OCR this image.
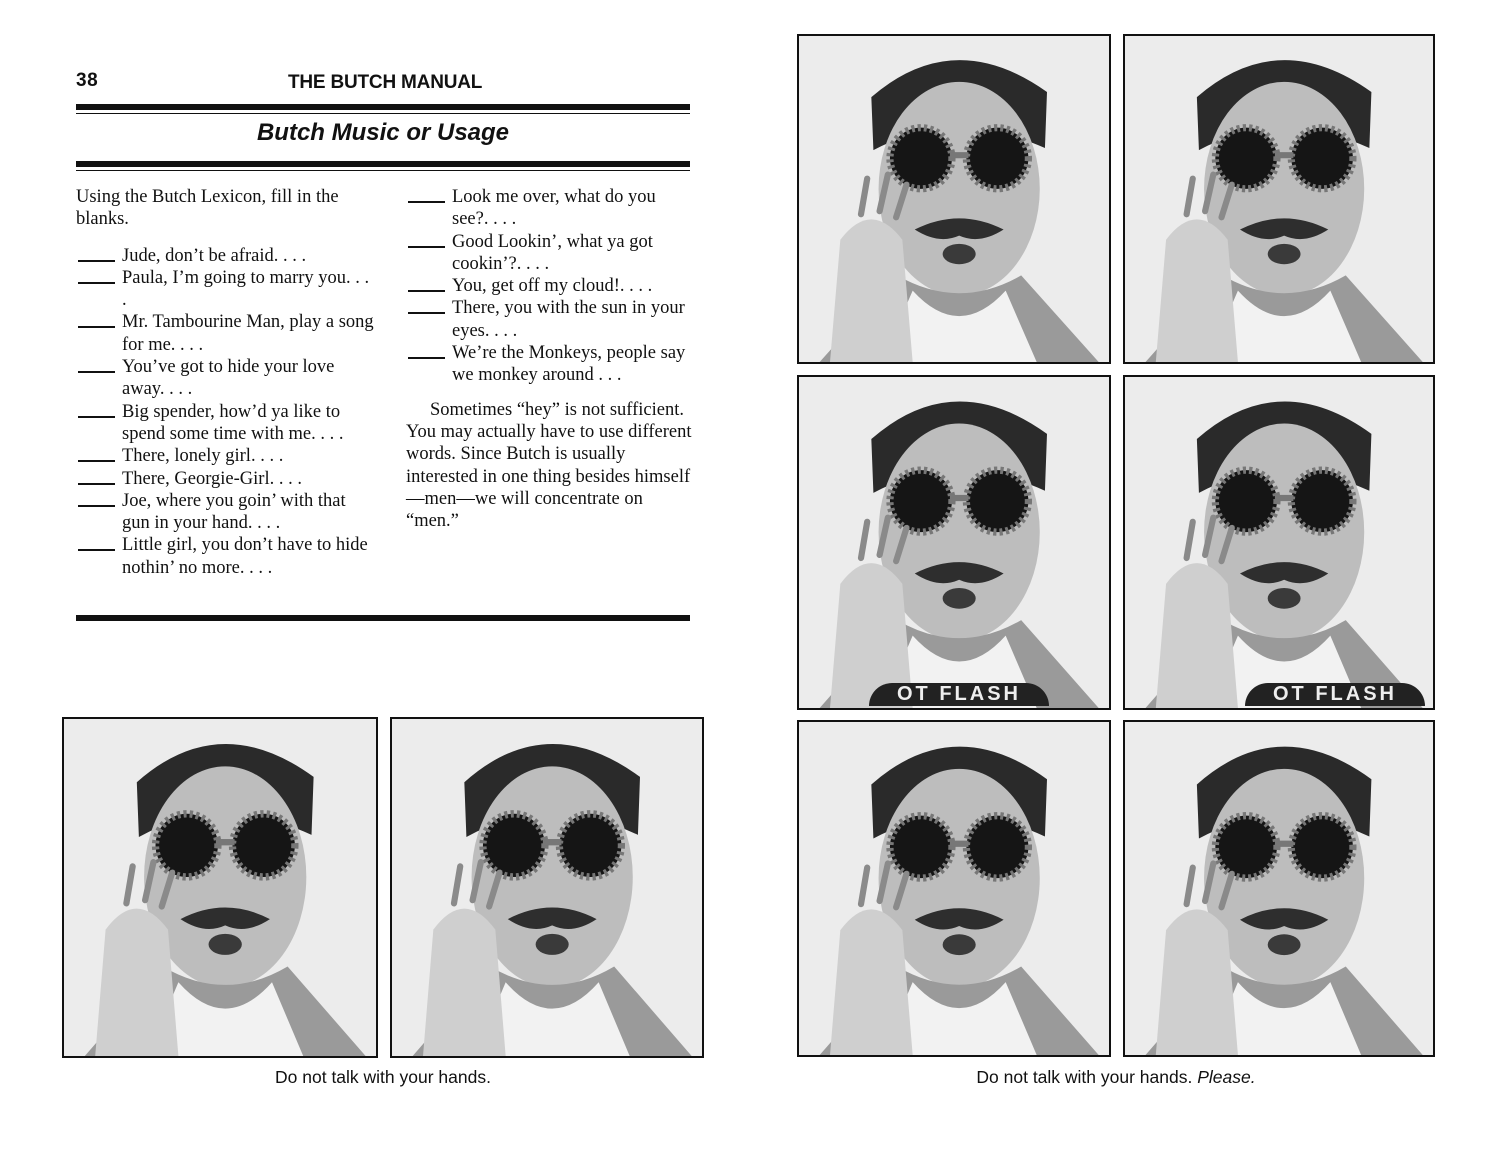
38	THE BUTCH MANUAL
Butch Music or Usage

Using the Butch Lexicon, fill in the blanks.

Jude, don’t be afraid. . . .

Paula, I’m going to marry you. . . .

Mr. Tambourine Man, play a song for me. . . .

You’ve got to hide your love away. . . .

Big spender, how’d ya like to spend some time with me. . . .

There, lonely girl. . . .

There, Georgie-Girl. . . .

Joe, where you goin’ with that gun in your hand. . . .

Little girl, you don’t have to hide nothin’ no more. . . .

Look me over, what do you see?. . . .

Good Lookin’, what ya got cookin’?. . . .

You, get off my cloud!. . . .

There, you with the sun in your eyes. . . .

We’re the Monkeys, people say we monkey around . . .

Sometimes “hey” is not sufficient. You may actually have to use different words. Since Butch is usually interested in one thing besides himself—men—we will concentrate on “men.”

Do not talk with your hands.
OT FLASH	OT FLASH
Do not talk with your hands. Please.
